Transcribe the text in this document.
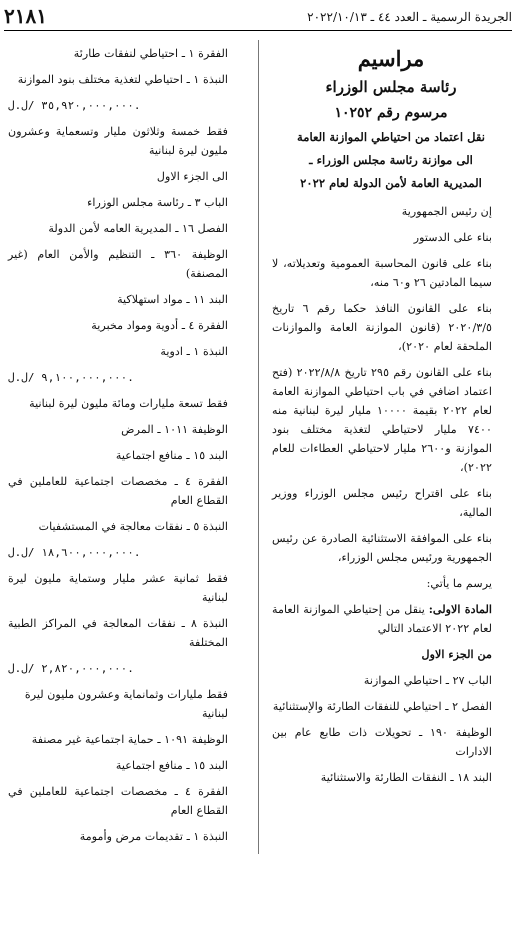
٢١٨١	الجريدة الرسمية ـ العدد ٤٤ ـ ٢٠٢٢/١٠/١٣

مراسيم

رئاسة مجلس الوزراء

مرسوم رقم ١٠٢٥٢

نقل اعتماد من احتياطي الموازنة العامة

الى موازنة رئاسة مجلس الوزراء ـ

المديرية العامة لأمن الدولة لعام ٢٠٢٢

إن رئيس الجمهورية

بناء على الدستور

بناء على قانون المحاسبة العمومية وتعديلاته، لا سيما المادتين ٢٦ و٦٠ منه،

بناء على القانون النافذ حكما رقم ٦ تاريخ ٢٠٢٠/٣/٥ (قانون الموازنة العامة والموازنات الملحقة لعام ٢٠٢٠)،

بناء على القانون رقم ٢٩٥ تاريخ ٢٠٢٢/٨/٨ (فتح اعتماد اضافي في باب احتياطي الموازنة العامة لعام ٢٠٢٢ بقيمة ١٠٠٠٠ مليار ليرة لبنانية منه ٧٤٠٠ مليار لاحتياطي لتغذية مختلف بنود الموازنة و٢٦٠٠ مليار لاحتياطي العطاءات للعام ٢٠٢٢)،

بناء على اقتراح رئيس مجلس الوزراء ووزير المالية،

بناء على الموافقة الاستثنائية الصادرة عن رئيس الجمهورية ورئيس مجلس الوزراء،

يرسم ما يأتي:

المادة الاولى: ينقل من إحتياطي الموازنة العامة لعام ٢٠٢٢ الاعتماد التالي

من الجزء الاول

الباب ٢٧ ـ احتياطي الموازنة

الفصل ٢ ـ احتياطي للنفقات الطارئة والإستثنائية

الوظيفة ١٩٠ ـ تحويلات ذات طابع عام بين الادارات

البند ١٨ ـ النفقات الطارئة والاستثنائية

الفقرة ١ ـ احتياطي لنفقات طارئة

النبذة ١ ـ احتياطي لتغذية مختلف بنود الموازنة

٣٥,٩٢٠,٠٠٠,٠٠٠ /ل.ل.

فقط خمسة وثلاثون مليار وتسعماية وعشرون مليون ليرة لبنانية

الى الجزء الاول

الباب ٣ ـ رئاسة مجلس الوزراء

الفصل ١٦ ـ المديرية العامه لأمن الدولة

الوظيفة ٣٦٠ ـ التنظيم والأمن العام (غير المصنفة)

البند ١١ ـ مواد استهلاكية

الفقرة ٤ ـ أدوية ومواد مخبرية

النبذة ١ ـ ادوية

٩,١٠٠,٠٠٠,٠٠٠ /ل.ل.

فقط تسعة مليارات ومائة مليون ليرة لبنانية

الوظيفة ١٠١١ ـ المرض

البند ١٥ ـ منافع اجتماعية

الفقرة ٤ ـ مخصصات اجتماعية للعاملين في القطاع العام

النبذة ٥ ـ نفقات معالجة في المستشفيات

١٨,٦٠٠,٠٠٠,٠٠٠ /ل.ل.

فقط ثمانية عشر مليار وستماية مليون ليرة لبنانية

النبذة ٨ ـ نفقات المعالجة في المراكز الطبية المختلفة

٢,٨٢٠,٠٠٠,٠٠٠ /ل.ل.

فقط مليارات وثمانماية وعشرون مليون ليرة لبنانية

الوظيفة ١٠٩١ ـ حماية اجتماعية غير مصنفة

البند ١٥ ـ منافع اجتماعية

الفقرة ٤ ـ مخصصات اجتماعية للعاملين في القطاع العام

النبذة ١ ـ تقديمات مرض وأمومة
